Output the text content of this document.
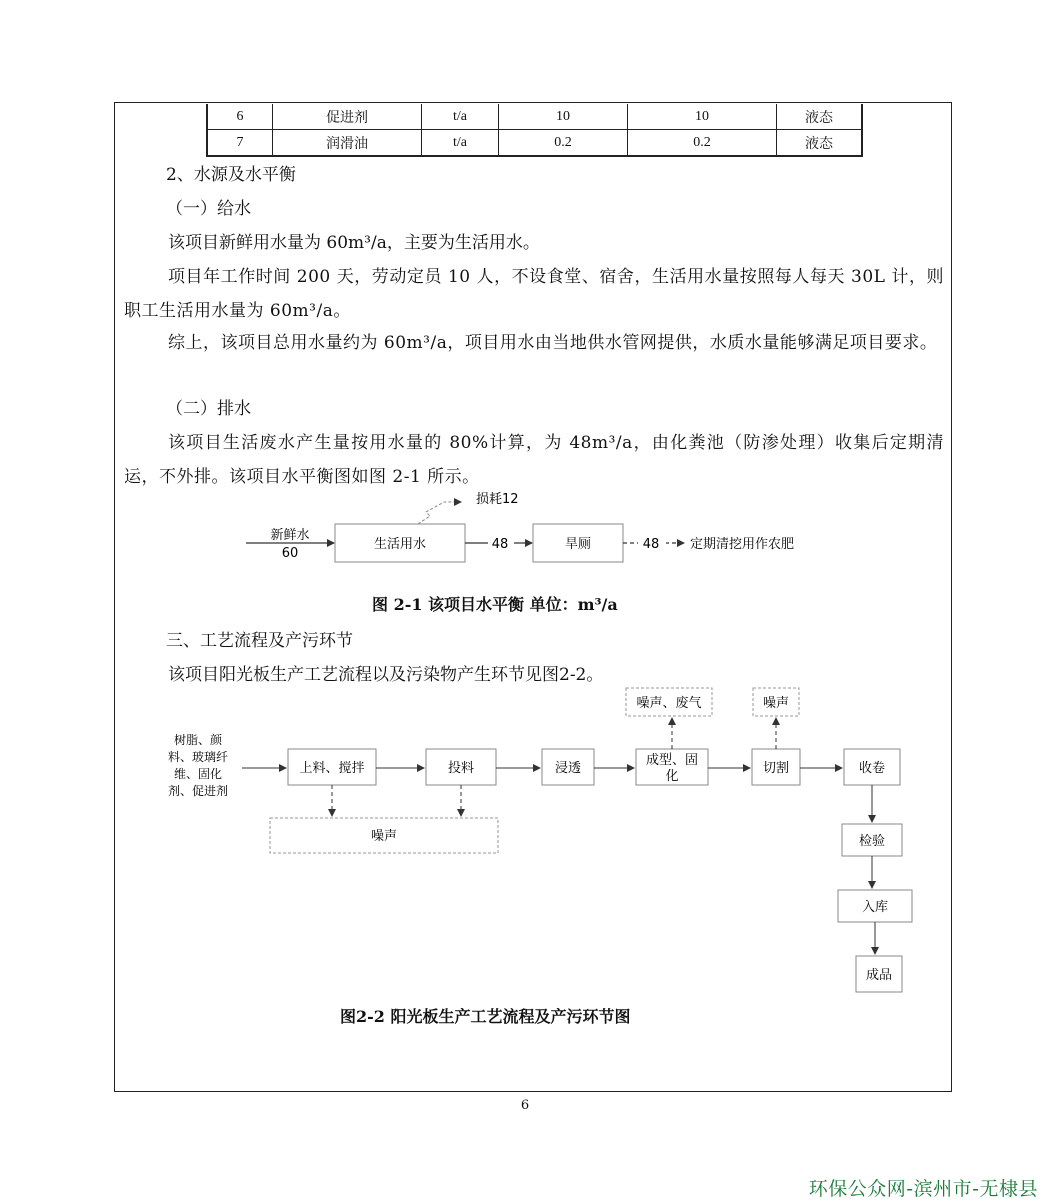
6	促进剂	t/a	10	10	液态
7	润滑油	t/a	0.2	0.2	液态

2、水源及水平衡

（一）给水

该项目新鲜用水量为 60m³/a，主要为生活用水。

项目年工作时间 200 天，劳动定员 10 人，不设食堂、宿舍，生活用水量按照每人每天 30L 计，则职工生活用水量为 60m³/a。

综上，该项目总用水量约为 60m³/a，项目用水由当地供水管网提供，水质水量能够满足项目要求。

（二）排水

该项目生活废水产生量按用水量的 80%计算，为 48m³/a，由化粪池（防渗处理）收集后定期清运，不外排。该项目水平衡图如图 2-1 所示。

新鲜水
60
生活用水
损耗12
48	旱厕	48 定期清挖用作农肥

图 2-1 该项目水平衡 单位：m³/a

三、工艺流程及产污环节

该项目阳光板生产工艺流程以及污染物产生环节见图2-2。

树脂、颜
料、玻璃纤
维、固化
剂、促进剂
上料、搅拌	投料	浸透
成型、固
化
切割	收卷
检验
入库
成品
噪声
噪声、废气	噪声

图2-2 阳光板生产工艺流程及产污环节图

6
环保公众网-滨州市-无棣县
